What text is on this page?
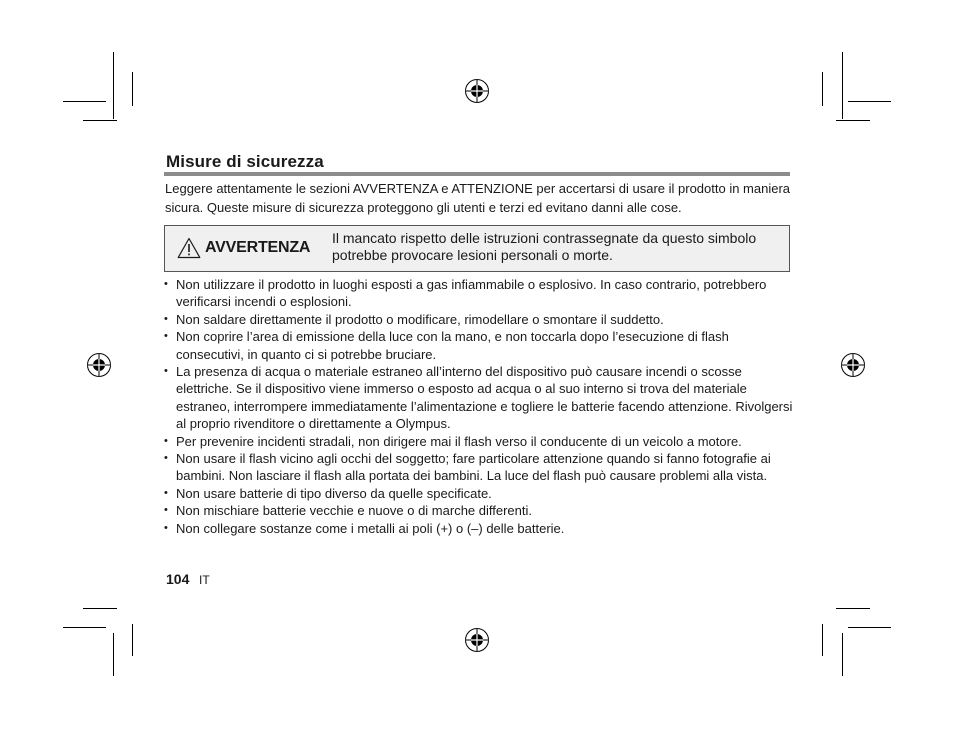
Misure di sicurezza
Leggere attentamente le sezioni AVVERTENZA e ATTENZIONE per accertarsi di usare il prodotto in maniera sicura. Queste misure di sicurezza proteggono gli utenti e terzi ed evitano danni alle cose.
AVVERTENZA
Il mancato rispetto delle istruzioni contrassegnate da questo simbolo potrebbe provocare lesioni personali o morte.
• Non utilizzare il prodotto in luoghi esposti a gas infiammabile o esplosivo. In caso contrario, potrebbero verificarsi incendi o esplosioni.
• Non saldare direttamente il prodotto o modificare, rimodellare o smontare il suddetto.
• Non coprire l’area di emissione della luce con la mano, e non toccarla dopo l’esecuzione di flash consecutivi, in quanto ci si potrebbe bruciare.
• La presenza di acqua o materiale estraneo all’interno del dispositivo può causare incendi o scosse elettriche. Se il dispositivo viene immerso o esposto ad acqua o al suo interno si trova del materiale estraneo, interrompere immediatamente l’alimentazione e togliere le batterie facendo attenzione. Rivolgersi al proprio rivenditore o direttamente a Olympus.
• Per prevenire incidenti stradali, non dirigere mai il flash verso il conducente di un veicolo a motore.
• Non usare il flash vicino agli occhi del soggetto; fare particolare attenzione quando si fanno fotografie ai bambini. Non lasciare il flash alla portata dei bambini. La luce del flash può causare problemi alla vista.
• Non usare batterie di tipo diverso da quelle specificate.
• Non mischiare batterie vecchie e nuove o di marche differenti.
• Non collegare sostanze come i metalli ai poli (+) o (–) delle batterie.
104 IT
